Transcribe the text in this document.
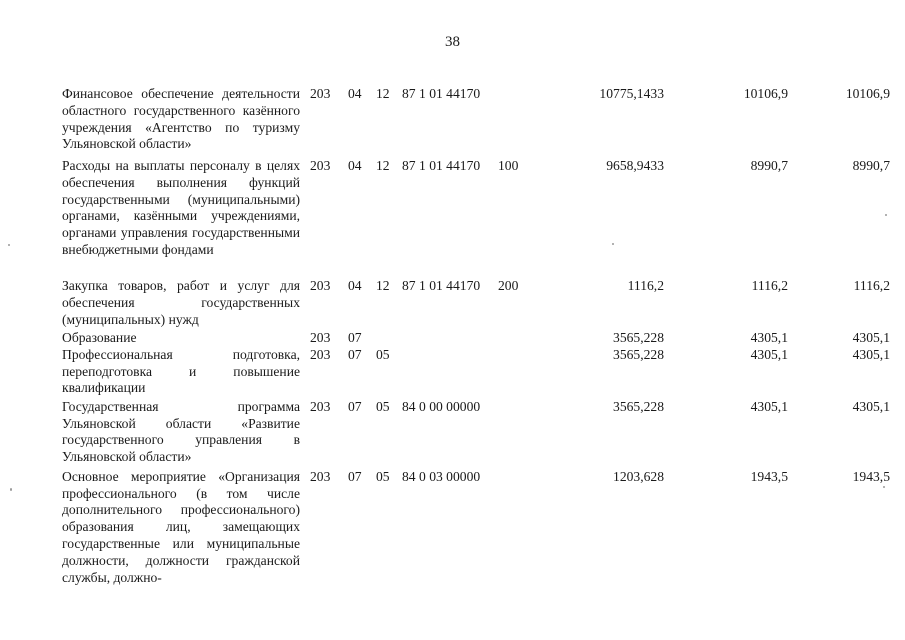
38
Финансовое обеспечение деятельности областного государственного казённого учреждения «Агентство по туризму Ульяновской области»	203	04	12	87 1 01 44170		10775,1433	10106,9	10106,9
Расходы на выплаты персоналу в целях обеспечения выполнения функций государственными (муниципальными) органами, казёнными учреждениями, органами управления государственными внебюджетными фондами	203	04	12	87 1 01 44170	100	9658,9433	8990,7	8990,7
Закупка товаров, работ и услуг для обеспечения государственных (муниципальных) нужд	203	04	12	87 1 01 44170	200	1116,2	1116,2	1116,2
Образование	203	07				3565,228	4305,1	4305,1
Профессиональная подготовка, переподготовка и повышение квалификации	203	07	05			3565,228	4305,1	4305,1
Государственная программа Ульяновской области «Развитие государственного управления в Ульяновской области»	203	07	05	84 0 00 00000		3565,228	4305,1	4305,1
Основное мероприятие «Организация профессионального (в том числе дополнительного профессионального) образования лиц, замещающих государственные или муниципальные должности, должности гражданской службы, должно-	203	07	05	84 0 03 00000		1203,628	1943,5	1943,5
